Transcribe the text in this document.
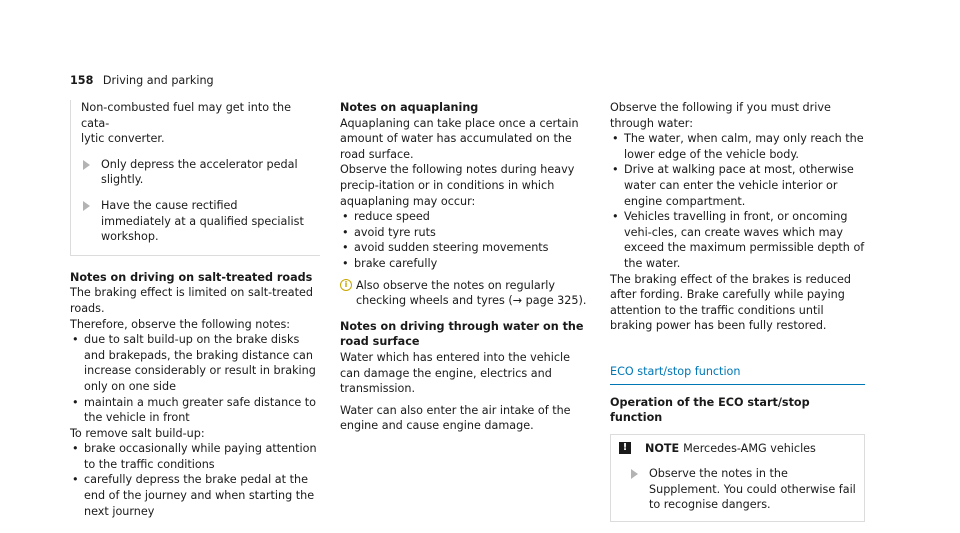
158 Driving and parking

Non-combusted fuel may get into the cata-
lytic converter.

Only depress the accelerator pedal slightly.

Have the cause rectified immediately at a qualified specialist workshop.

Notes on driving on salt-treated roads

The braking effect is limited on salt-treated roads.

Therefore, observe the following notes:

• due to salt build-up on the brake disks and brakepads, the braking distance can increase considerably or result in braking only on one side
• maintain a much greater safe distance to the vehicle in front

To remove salt build-up:

• brake occasionally while paying attention to the traffic conditions
• carefully depress the brake pedal at the end of the journey and when starting the next journey

Notes on aquaplaning

Aquaplaning can take place once a certain amount of water has accumulated on the road surface.

Observe the following notes during heavy precip-itation or in conditions in which aquaplaning may occur:

• reduce speed
• avoid tyre ruts
• avoid sudden steering movements
• brake carefully
i Also observe the notes on regularly checking wheels and tyres (→ page 325).

Notes on driving through water on the road surface

Water which has entered into the vehicle can damage the engine, electrics and transmission.

Water can also enter the air intake of the engine and cause engine damage.

Observe the following if you must drive through water:

• The water, when calm, may only reach the lower edge of the vehicle body.
• Drive at walking pace at most, otherwise water can enter the vehicle interior or engine compartment.
• Vehicles travelling in front, or oncoming vehi-cles, can create waves which may exceed the maximum permissible depth of the water.

The braking effect of the brakes is reduced after fording. Brake carefully while paying attention to the traffic conditions until braking power has been fully restored.

ECO start/stop function

Operation of the ECO start/stop function

!	NOTE Mercedes-AMG vehicles

Observe the notes in the Supplement. You could otherwise fail to recognise dangers.
